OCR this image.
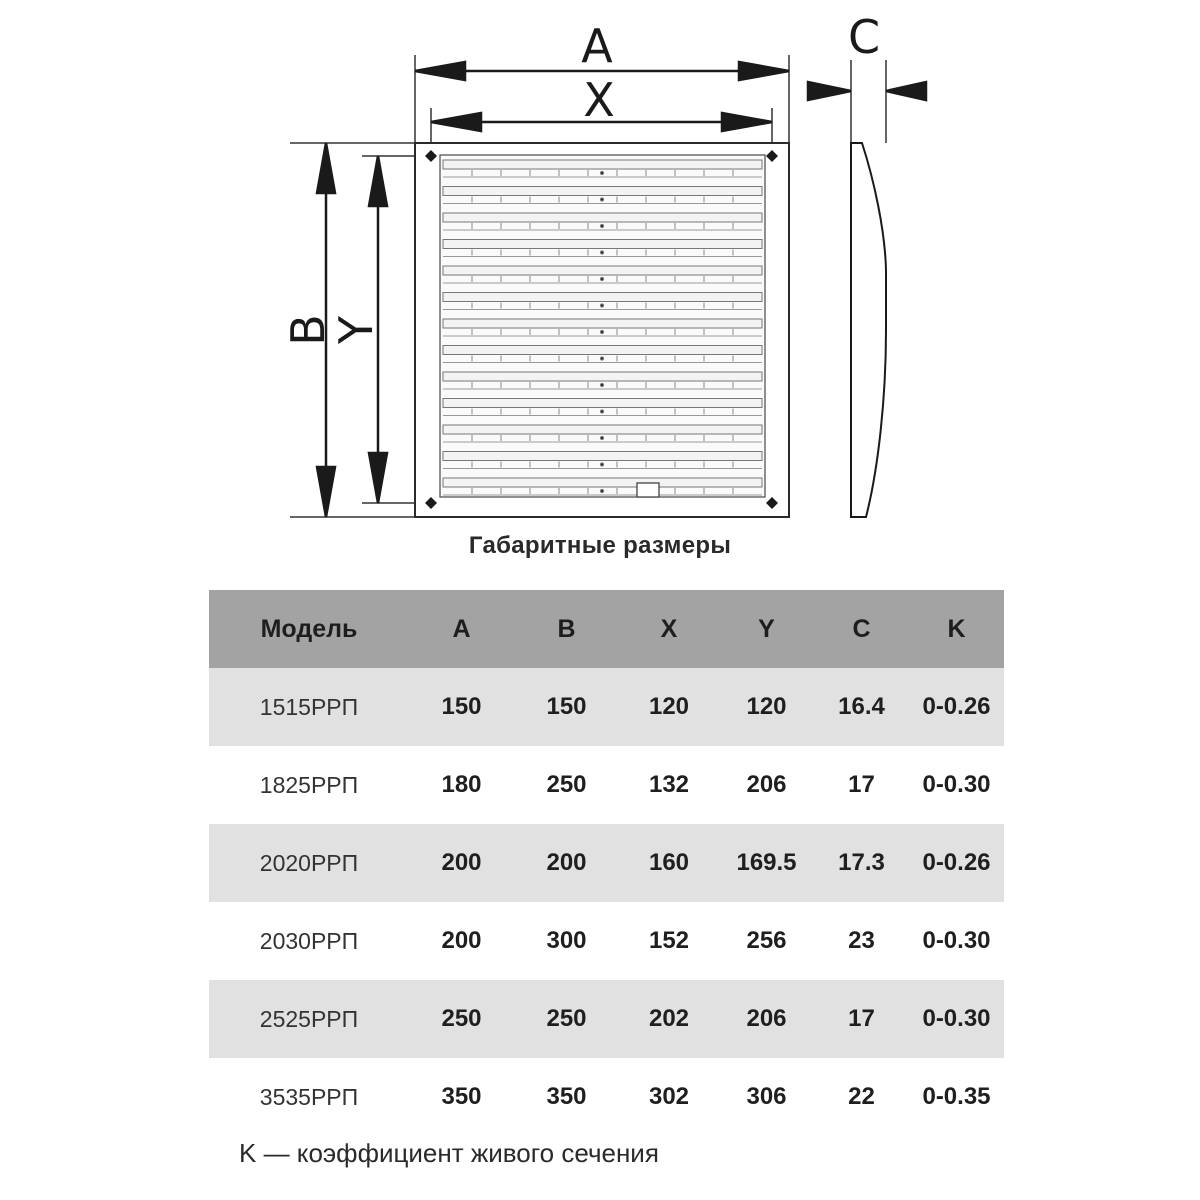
A
X
C
B
Y
Габаритные размеры
Модель	A	B	X	Y	C	K
1515РРП	150	150	120	120	16.4	0-0.26
1825РРП	180	250	132	206	17	0-0.30
2020РРП	200	200	160	169.5	17.3	0-0.26
2030РРП	200	300	152	256	23	0-0.30
2525РРП	250	250	202	206	17	0-0.30
3535РРП	350	350	302	306	22	0-0.35
K — коэффициент живого сечения
